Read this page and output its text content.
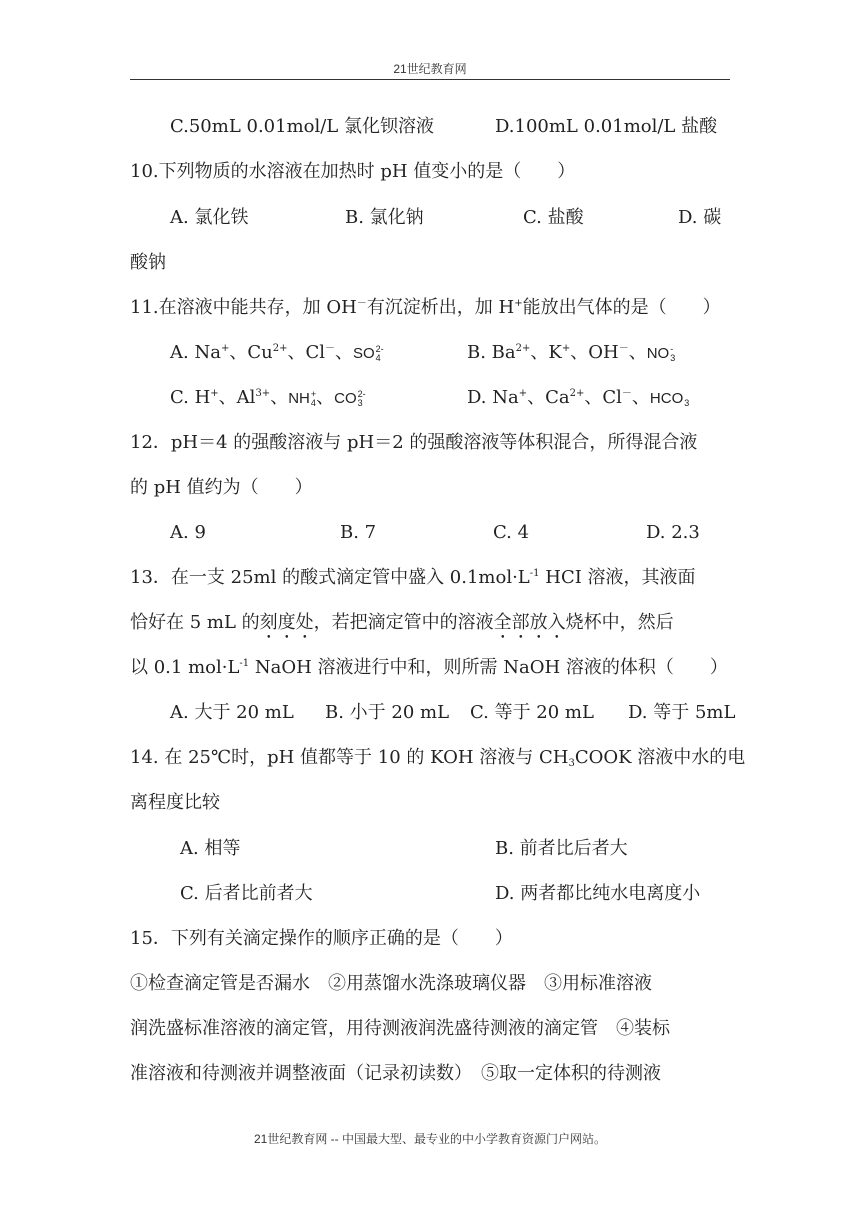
21世纪教育网
C.50mL 0.01mol/L 氯化钡溶液	D.100mL 0.01mol/L 盐酸
10.下列物质的水溶液在加热时 pH 值变小的是（　　）
A. 氯化铁	B. 氯化钠	C. 盐酸	D. 碳
酸钠
11.在溶液中能共存，加 OH－有沉淀析出，加 H+能放出气体的是（　　）
A. Na+、$Cu^{2+}$、Cl－、SO 2-
4	B. $Ba^{2+}$、K+、OH－、NO -
3
C. H+、$Al^{3+}$、NH +
4 、CO 2-
3	D. Na+、$Ca^{2+}$、Cl－、HCO
3
12．pH＝4 的强酸溶液与 pH＝2 的强酸溶液等体积混合，所得混合液
的 pH 值约为（　　）
A. 9	B. 7	C. 4	D. 2.3
13．在一支 25ml 的酸式滴定管中盛入 $0.1mol\cdot L^{-1}$ HCI 溶液，其液面
恰好在 5 mL 的刻度处，若把滴定管中的溶液全部放入烧杯中，然后
以 0.1 $mol\cdot L^{-1}$ NaOH 溶液进行中和，则所需 NaOH 溶液的体积（　　）
A. 大于 20 mL B. 小于 20 mL C. 等于 20 mL D. 等于 5mL
14. 在 25℃时，pH 值都等于 10 的 KOH 溶液与 $CH_3COOK$ 溶液中水的电
离程度比较
A. 相等	B. 前者比后者大
C. 后者比前者大	D. 两者都比纯水电离度小
15．下列有关滴定操作的顺序正确的是（　　）
①检查滴定管是否漏水　②用蒸馏水洗涤玻璃仪器　③用标准溶液
润洗盛标准溶液的滴定管，用待测液润洗盛待测液的滴定管　④装标
准溶液和待测液并调整液面（记录初读数）　⑤取一定体积的待测液
21世纪教育网 -- 中国最大型、最专业的中小学教育资源门户网站。
